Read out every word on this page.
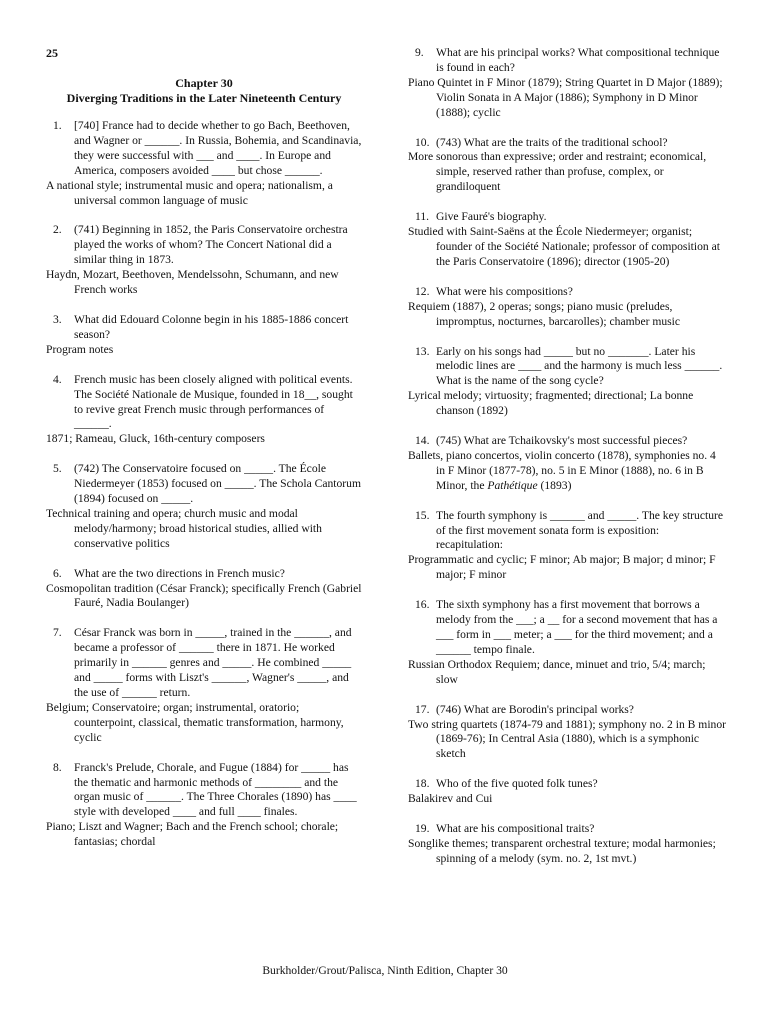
25
Chapter 30
Diverging Traditions in the Later Nineteenth Century
1. [740] France had to decide whether to go Bach, Beethoven, and Wagner or ______. In Russia, Bohemia, and Scandinavia, they were successful with ___ and ____. In Europe and America, composers avoided ____ but chose ______.
A national style; instrumental music and opera; nationalism, a universal common language of music
2. (741) Beginning in 1852, the Paris Conservatoire orchestra played the works of whom? The Concert National did a similar thing in 1873.
Haydn, Mozart, Beethoven, Mendelssohn, Schumann, and new French works
3. What did Edouard Colonne begin in his 1885-1886 concert season?
Program notes
4. French music has been closely aligned with political events. The Société Nationale de Musique, founded in 18__, sought to revive great French music through performances of ______.
1871; Rameau, Gluck, 16th-century composers
5. (742) The Conservatoire focused on _____. The École Niedermeyer (1853) focused on _____. The Schola Cantorum (1894) focused on _____.
Technical training and opera; church music and modal melody/harmony; broad historical studies, allied with conservative politics
6. What are the two directions in French music?
Cosmopolitan tradition (César Franck); specifically French (Gabriel Fauré, Nadia Boulanger)
7. César Franck was born in _____, trained in the ______, and became a professor of ______ there in 1871. He worked primarily in ______ genres and _____. He combined _____ and _____ forms with Liszt's ______, Wagner's _____, and the use of ______ return.
Belgium; Conservatoire; organ; instrumental, oratorio; counterpoint, classical, thematic transformation, harmony, cyclic
8. Franck's Prelude, Chorale, and Fugue (1884) for _____ has the thematic and harmonic methods of ________ and the organ music of ______. The Three Chorales (1890) has ____ style with developed ____ and full ____ finales.
Piano; Liszt and Wagner; Bach and the French school; chorale; fantasias; chordal
9. What are his principal works? What compositional technique is found in each?
Piano Quintet in F Minor (1879); String Quartet in D Major (1889); Violin Sonata in A Major (1886); Symphony in D Minor (1888); cyclic
10. (743) What are the traits of the traditional school?
More sonorous than expressive; order and restraint; economical, simple, reserved rather than profuse, complex, or grandiloquent
11. Give Fauré's biography.
Studied with Saint-Saëns at the École Niedermeyer; organist; founder of the Société Nationale; professor of composition at the Paris Conservatoire (1896); director (1905-20)
12. What were his compositions?
Requiem (1887), 2 operas; songs; piano music (preludes, impromptus, nocturnes, barcarolles); chamber music
13. Early on his songs had _____ but no _______. Later his melodic lines are ____ and the harmony is much less ______. What is the name of the song cycle?
Lyrical melody; virtuosity; fragmented; directional; La bonne chanson (1892)
14. (745) What are Tchaikovsky's most successful pieces?
Ballets, piano concertos, violin concerto (1878), symphonies no. 4 in F Minor (1877-78), no. 5 in E Minor (1888), no. 6 in B Minor, the Pathétique (1893)
15. The fourth symphony is ______ and _____. The key structure of the first movement sonata form is exposition: recapitulation:
Programmatic and cyclic; F minor; Ab major; B major; d minor; F major; F minor
16. The sixth symphony has a first movement that borrows a melody from the ___; a __ for a second movement that has a ___ form in ___ meter; a ___ for the third movement; and a ______ tempo finale.
Russian Orthodox Requiem; dance, minuet and trio, 5/4; march; slow
17. (746) What are Borodin's principal works?
Two string quartets (1874-79 and 1881); symphony no. 2 in B minor (1869-76); In Central Asia (1880), which is a symphonic sketch
18. Who of the five quoted folk tunes?
Balakirev and Cui
19. What are his compositional traits?
Songlike themes; transparent orchestral texture; modal harmonies; spinning of a melody (sym. no. 2, 1st mvt.)
Burkholder/Grout/Palisca, Ninth Edition, Chapter 30
